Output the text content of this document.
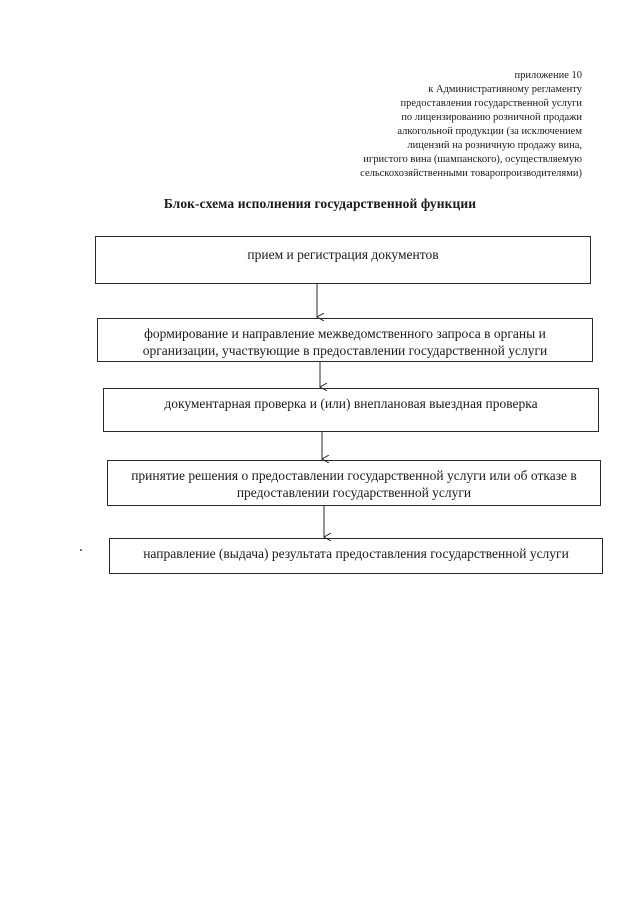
приложение 10
к Административному регламенту
предоставления государственной услуги
по лицензированию розничной продажи
алкогольной продукции (за исключением
лицензий на розничную продажу вина,
игристого вина (шампанского), осуществляемую
сельскохозяйственными товаропроизводителями)
Блок-схема исполнения государственной функции
прием и регистрация документов
формирование и направление межведомственного запроса в органы и организации, участвующие в предоставлении государственной услуги
документарная проверка и (или) внеплановая выездная проверка
принятие решения о предоставлении государственной услуги или об отказе в предоставлении государственной услуги
направление (выдача) результата предоставления государственной услуги
